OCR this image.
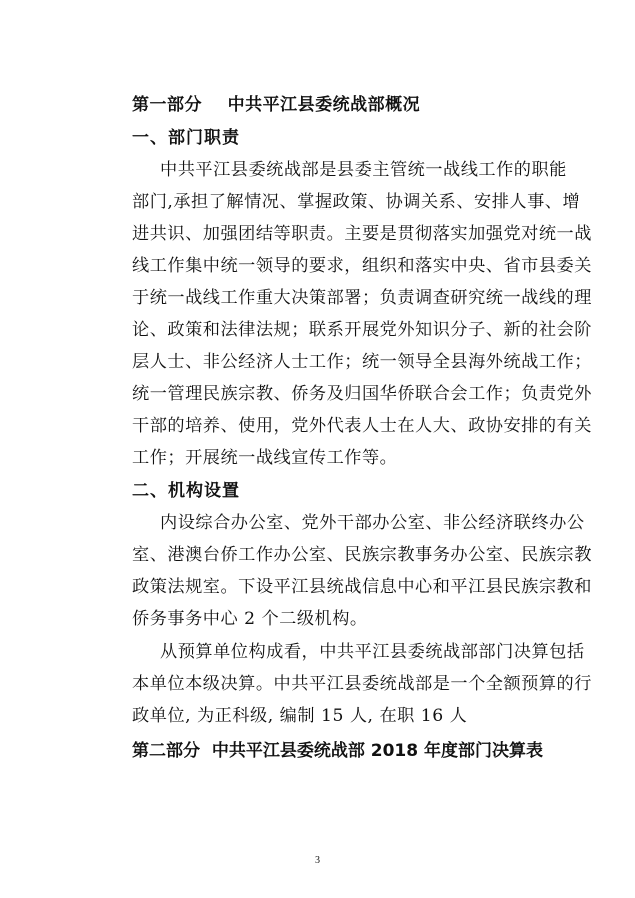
第一部分    中共平江县委统战部概况
一、部门职责
中共平江县委统战部是县委主管统一战线工作的职能
部门,承担了解情况、掌握政策、协调关系、安排人事、增
进共识、加强团结等职责。主要是贯彻落实加强党对统一战
线工作集中统一领导的要求，组织和落实中央、省市县委关
于统一战线工作重大决策部署；负责调查研究统一战线的理
论、政策和法律法规；联系开展党外知识分子、新的社会阶
层人士、非公经济人士工作；统一领导全县海外统战工作；
统一管理民族宗教、侨务及归国华侨联合会工作；负责党外
干部的培养、使用，党外代表人士在人大、政协安排的有关
工作；开展统一战线宣传工作等。
二、机构设置
内设综合办公室、党外干部办公室、非公经济联终办公
室、港澳台侨工作办公室、民族宗教事务办公室、民族宗教
政策法规室。下设平江县统战信息中心和平江县民族宗教和
侨务事务中心 2 个二级机构。
从预算单位构成看，中共平江县委统战部部门决算包括
本单位本级决算。中共平江县委统战部是一个全额预算的行
政单位, 为正科级, 编制 15 人, 在职 16 人
第二部分  中共平江县委统战部 2018 年度部门决算表
3
